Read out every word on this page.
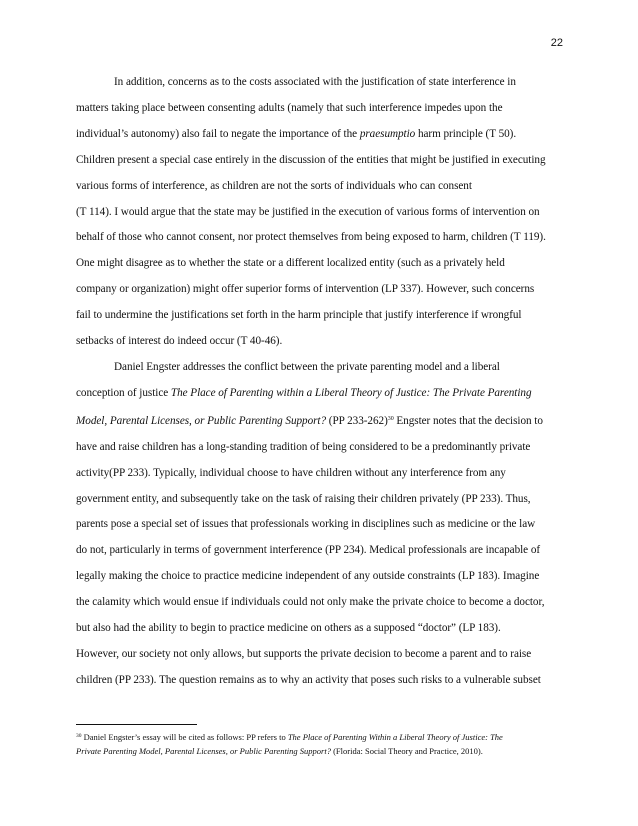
22
In addition, concerns as to the costs associated with the justification of state interference in
matters taking place between consenting adults (namely that such interference impedes upon the
individual’s autonomy) also fail to negate the importance of the praesumptio harm principle (T 50).
Children present a special case entirely in the discussion of the entities that might be justified in executing
various forms of interference, as children are not the sorts of individuals who can consent
(T 114). I would argue that the state may be justified in the execution of various forms of intervention on
behalf of those who cannot consent, nor protect themselves from being exposed to harm, children (T 119).
One might disagree as to whether the state or a different localized entity (such as a privately held
company or organization) might offer superior forms of intervention (LP 337). However, such concerns
fail to undermine the justifications set forth in the harm principle that justify interference if wrongful
setbacks of interest do indeed occur (T 40-46).
Daniel Engster addresses the conflict between the private parenting model and a liberal
conception of justice The Place of Parenting within a Liberal Theory of Justice: The Private Parenting
Model, Parental Licenses, or Public Parenting Support? (PP 233-262)$^{30}$ Engster notes that the decision to
have and raise children has a long-standing tradition of being considered to be a predominantly private
activity(PP 233). Typically, individual choose to have children without any interference from any
government entity, and subsequently take on the task of raising their children privately (PP 233). Thus,
parents pose a special set of issues that professionals working in disciplines such as medicine or the law
do not, particularly in terms of government interference (PP 234). Medical professionals are incapable of
legally making the choice to practice medicine independent of any outside constraints (LP 183). Imagine
the calamity which would ensue if individuals could not only make the private choice to become a doctor,
but also had the ability to begin to practice medicine on others as a supposed “doctor” (LP 183).
However, our society not only allows, but supports the private decision to become a parent and to raise
children (PP 233). The question remains as to why an activity that poses such risks to a vulnerable subset
$^{30}$ Daniel Engster’s essay will be cited as follows: PP refers to The Place of Parenting Within a Liberal Theory of Justice: The
Private Parenting Model, Parental Licenses, or Public Parenting Support? (Florida: Social Theory and Practice, 2010).
